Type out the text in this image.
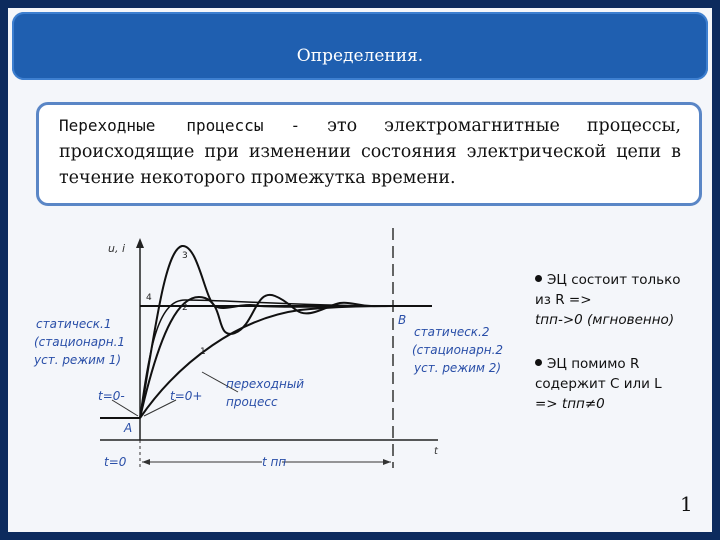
Определения.
Переходные процессы - это электромагнитные процессы, происходящие при изменении состояния электрической цепи в течение некоторого промежутка времени.
u, i
t
3
4
2
1
A
B
статическ.1
(стационарн.1
уст. режим 1)
статическ.2
(стационарн.2
уст. режим 2)
t=0-	t=0+
переходный
процесс
t=0	t пп
ЭЦ состоит только
из R =>
tпп->0 (мгновенно)
ЭЦ помимо R
содержит С или L
=> tпп≠0
1
